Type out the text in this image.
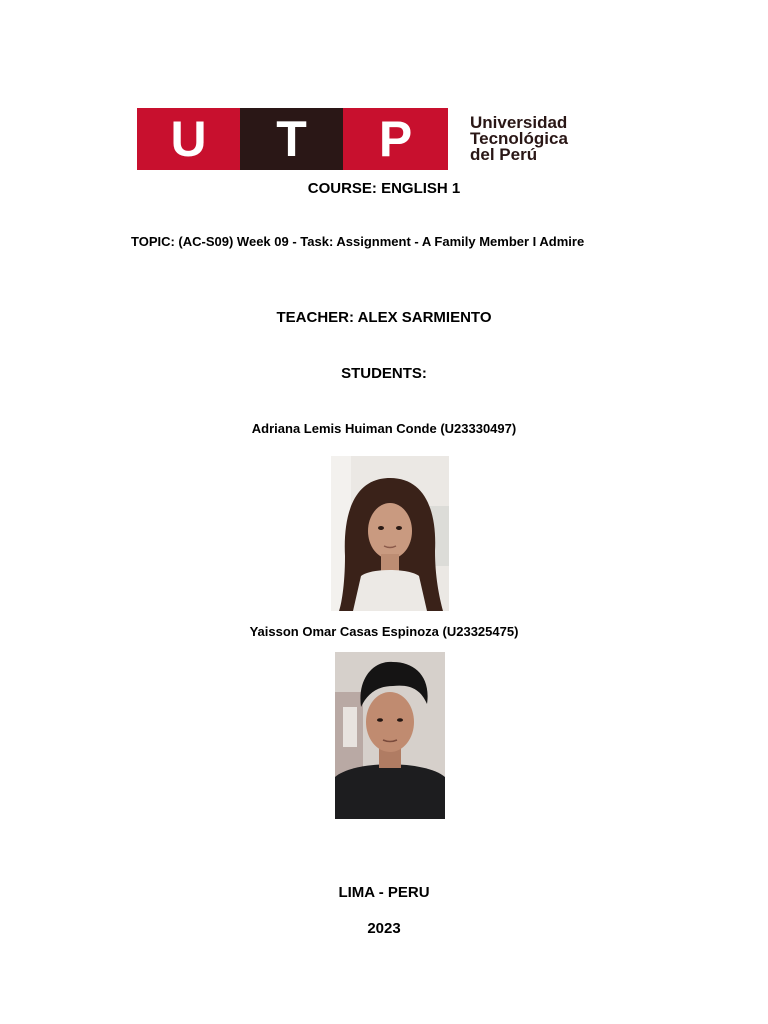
U	T	P	Universidad
Tecnológica
del Perú
COURSE: ENGLISH 1
TOPIC: (AC-S09) Week 09 - Task: Assignment - A Family Member I Admire
TEACHER: ALEX SARMIENTO
STUDENTS:
Adriana Lemis Huiman Conde (U23330497)
Yaisson Omar Casas Espinoza (U23325475)
LIMA - PERU
2023
